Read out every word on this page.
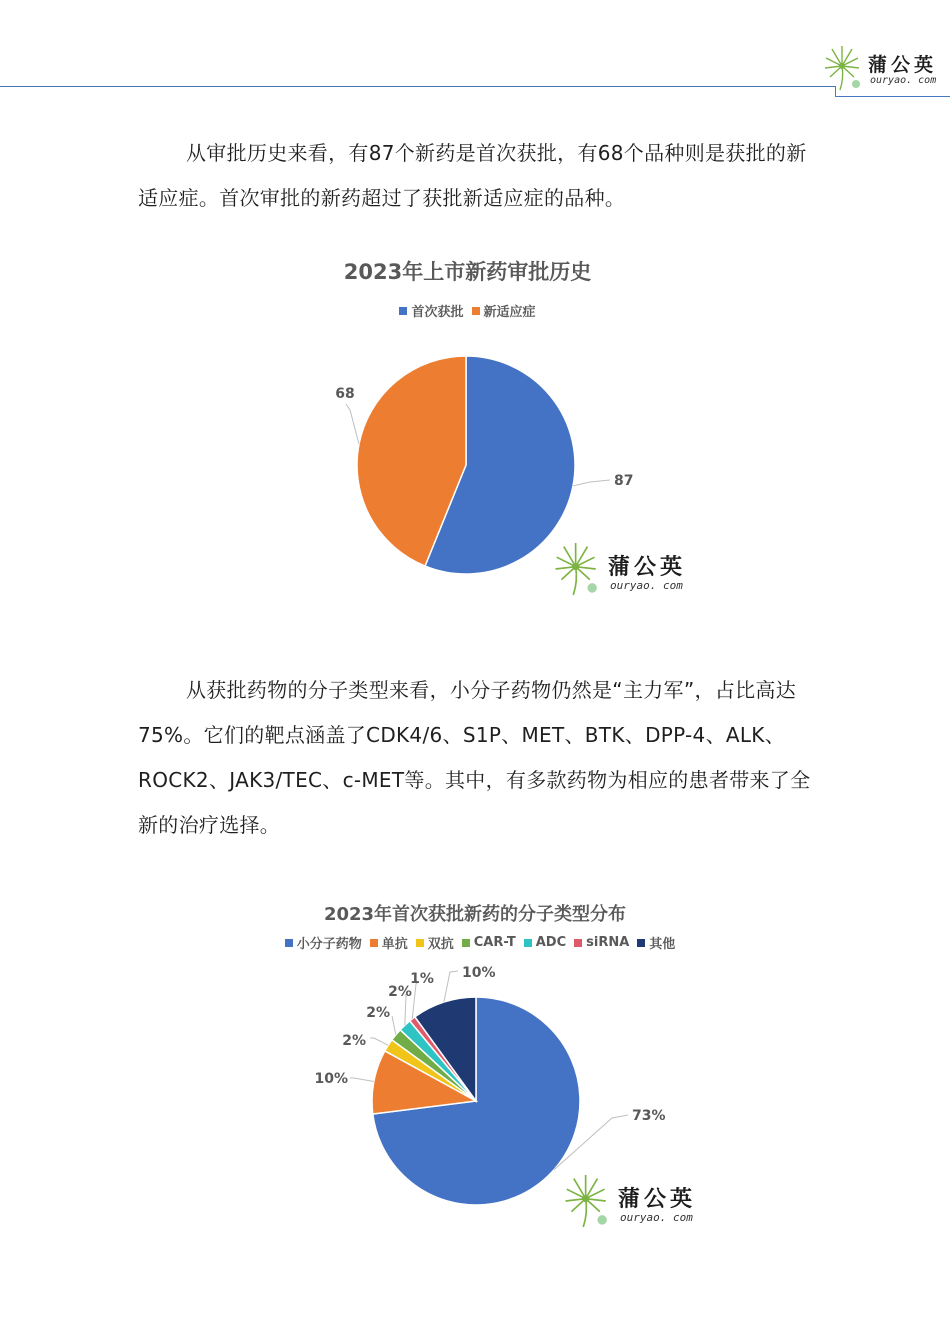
蒲公英
ouryao. com

从审批历史来看，有87个新药是首次获批，有68个品种则是获批的新适应症。首次审批的新药超过了获批新适应症的品种。

2023年上市新药审批历史
首次获批 新适应症
87
68
蒲公英
ouryao. com

从获批药物的分子类型来看，小分子药物仍然是“主力军”，占比高达75%。它们的靶点涵盖了CDK4/6、S1P、MET、BTK、DPP-4、ALK、ROCK2、JAK3/TEC、c-MET等。其中，有多款药物为相应的患者带来了全新的治疗选择。

2023年首次获批新药的分子类型分布
小分子药物 单抗 双抗 CAR-T ADC siRNA 其他
73%
10%
2%
2%
2%
1% 10%
蒲公英
ouryao. com
